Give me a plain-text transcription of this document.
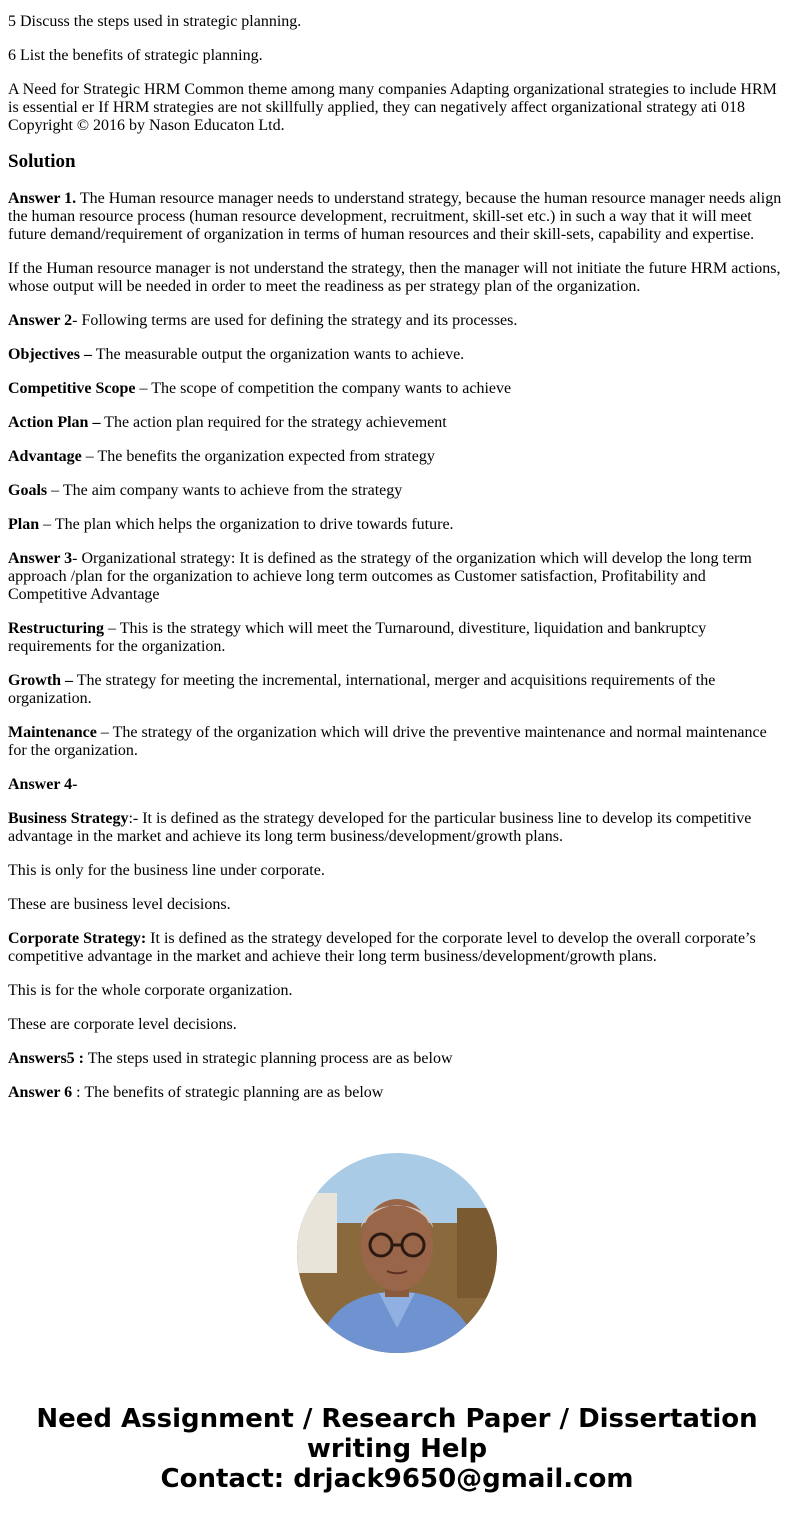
5 Discuss the steps used in strategic planning.

6 List the benefits of strategic planning.

A Need for Strategic HRM Common theme among many companies Adapting organizational strategies to include HRM is essential er If HRM strategies are not skillfully applied, they can negatively affect organizational strategy ati 018 Copyright © 2016 by Nason Educaton Ltd.

Solution

Answer 1. The Human resource manager needs to understand strategy, because the human resource manager needs align the human resource process (human resource development, recruitment, skill-set etc.) in such a way that it will meet future demand/requirement of organization in terms of human resources and their skill-sets, capability and expertise.

If the Human resource manager is not understand the strategy, then the manager will not initiate the future HRM actions, whose output will be needed in order to meet the readiness as per strategy plan of the organization.

Answer 2- Following terms are used for defining the strategy and its processes.

Objectives – The measurable output the organization wants to achieve.

Competitive Scope – The scope of competition the company wants to achieve

Action Plan – The action plan required for the strategy achievement

Advantage – The benefits the organization expected from strategy

Goals – The aim company wants to achieve from the strategy

Plan – The plan which helps the organization to drive towards future.

Answer 3- Organizational strategy: It is defined as the strategy of the organization which will develop the long term approach /plan for the organization to achieve long term outcomes as Customer satisfaction, Profitability and Competitive Advantage

Restructuring – This is the strategy which will meet the Turnaround, divestiture, liquidation and bankruptcy requirements for the organization.

Growth – The strategy for meeting the incremental, international, merger and acquisitions requirements of the organization.

Maintenance – The strategy of the organization which will drive the preventive maintenance and normal maintenance for the organization.

Answer 4-

Business Strategy:- It is defined as the strategy developed for the particular business line to develop its competitive advantage in the market and achieve its long term business/development/growth plans.

This is only for the business line under corporate.

These are business level decisions.

Corporate Strategy: It is defined as the strategy developed for the corporate level to develop the overall corporate’s competitive advantage in the market and achieve their long term business/development/growth plans.

This is for the whole corporate organization.

These are corporate level decisions.

Answers5 : The steps used in strategic planning process are as below

Answer 6 : The benefits of strategic planning are as below

Need Assignment / Research Paper / Dissertation
writing Help
Contact: drjack9650@gmail.com
